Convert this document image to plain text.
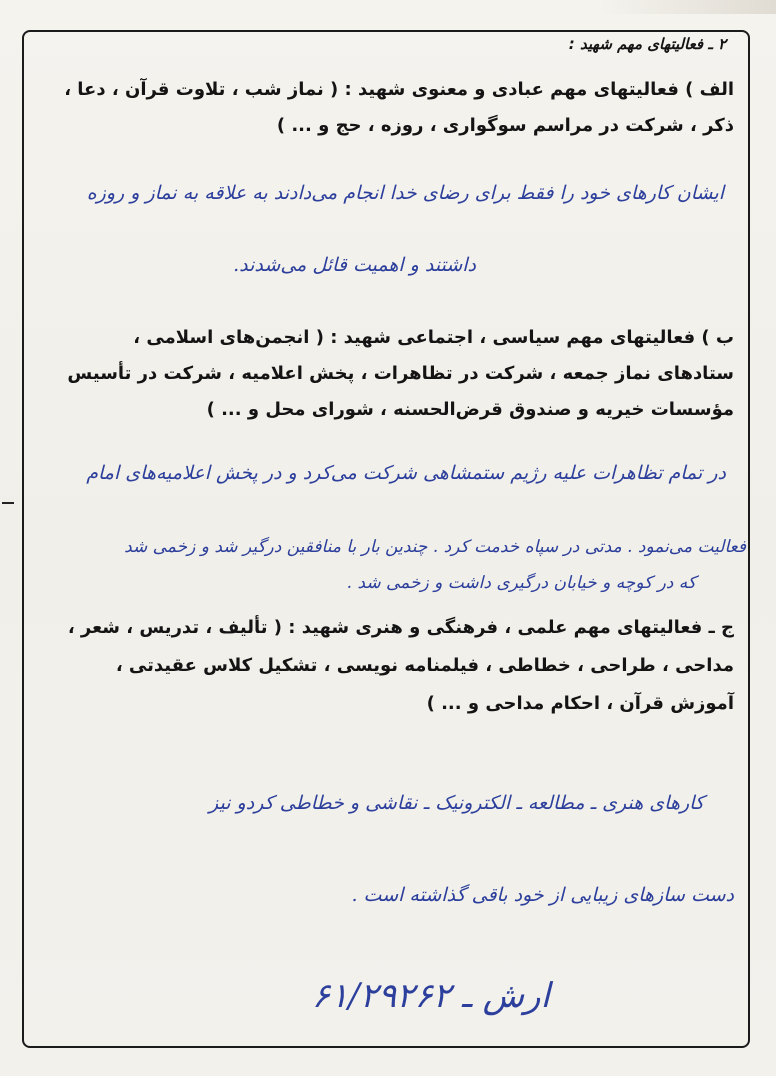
۲ ـ فعالیتهای مهم شهید :

الف ) فعالیتهای مهم عبادی و معنوی شهید : ( نماز شب ، تلاوت قرآن ، دعا ،

ذکر ، شرکت در مراسم سوگواری ، روزه ، حج و ... )

ایشان کارهای خود را فقط برای رضای خدا انجام می‌دادند به علاقه به نماز و روزه

داشتند و اهمیت قائل می‌شدند.

ب ) فعالیتهای مهم سیاسی ، اجتماعی شهید : ( انجمن‌های اسلامی ،

ستادهای نماز جمعه ، شرکت در تظاهرات ، پخش اعلامیه ، شرکت در تأسیس

مؤسسات خیریه و صندوق قرض‌الحسنه ، شورای محل و ... )

در تمام تظاهرات علیه رژیم ستمشاهی شرکت می‌کرد و در پخش اعلامیه‌های امام

فعالیت می‌نمود . مدتی در سپاه خدمت کرد . چندین بار با منافقین درگیر شد و زخمی شد

که در کوچه و خیابان درگیری داشت و زخمی شد .

ج ـ فعالیتهای مهم علمی ، فرهنگی و هنری شهید : ( تألیف ، تدریس ، شعر ،

مداحی ، طراحی ، خطاطی ، فیلمنامه نویسی ، تشکیل کلاس عقیدتی ،

آموزش قرآن ، احکام مداحی و ... )

کارهای هنری ـ مطالعه ـ الکترونیک ـ نقاشی و خطاطی کردو نیز

دست سازهای زیبایی از خود باقی گذاشته است .

ارش ـ ۶۱/۲۹۲۶۲
